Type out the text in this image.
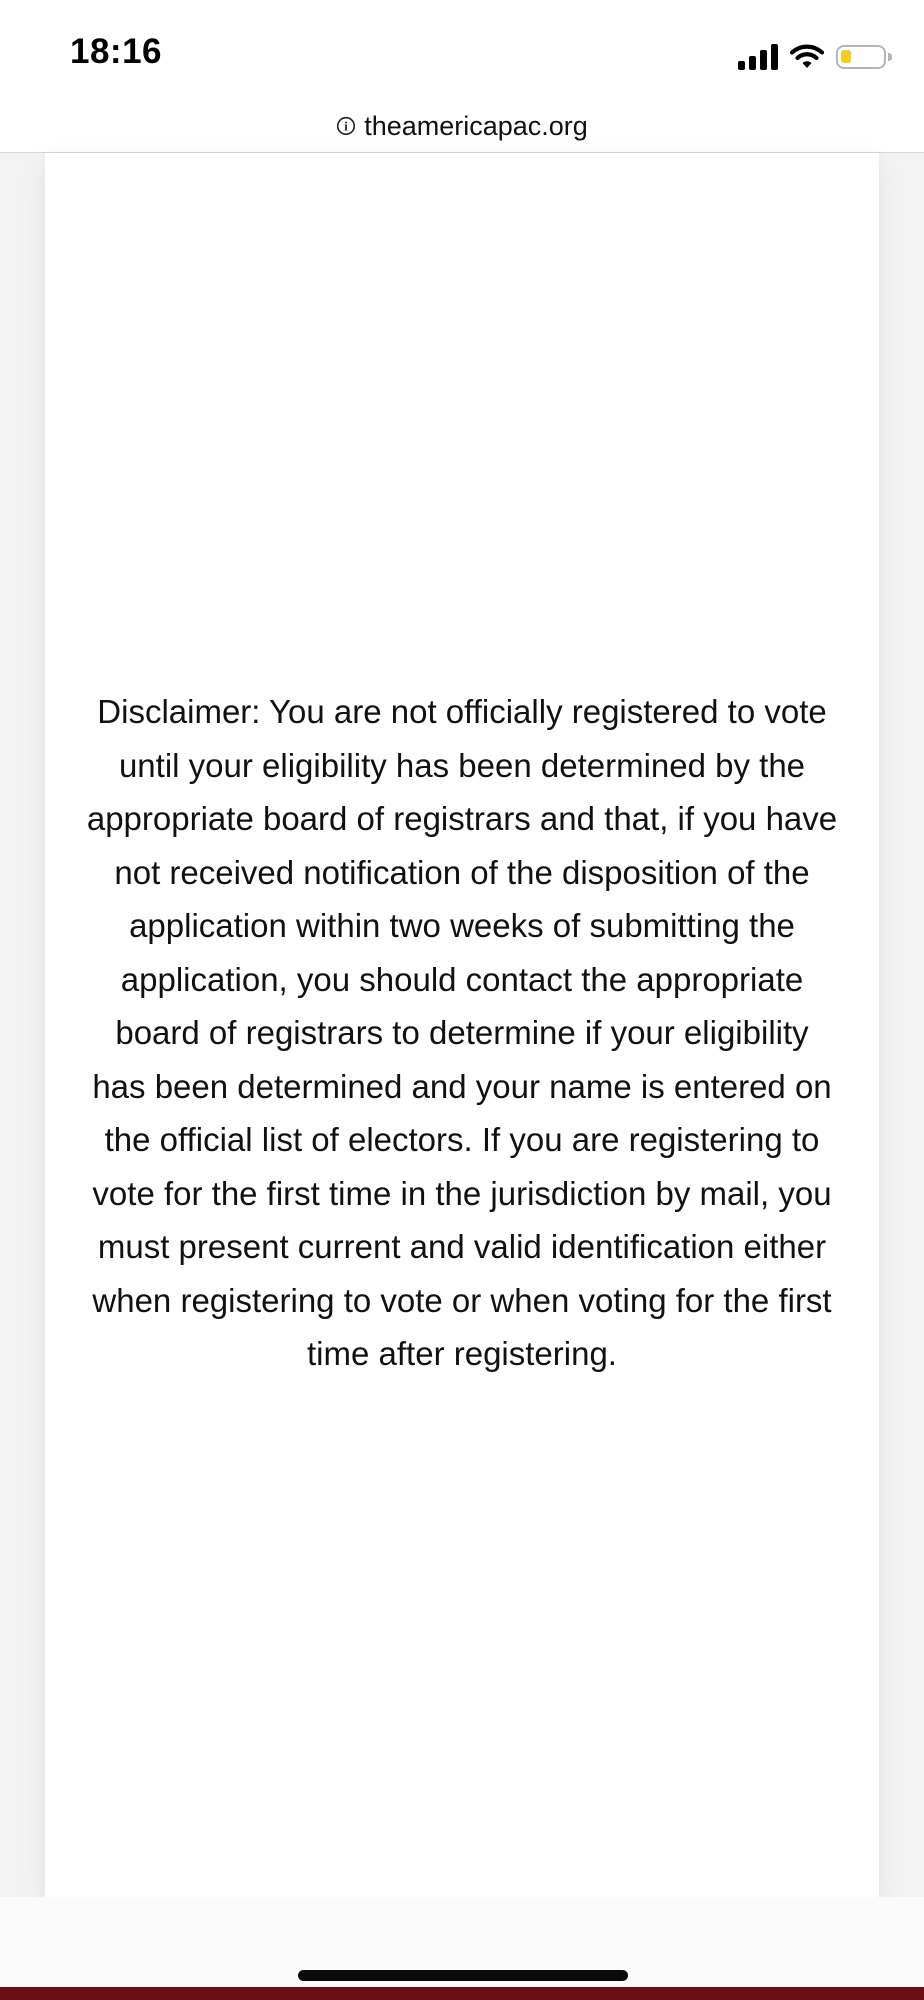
18:16
i theamericapac.org

Disclaimer: You are not officially registered to vote until your eligibility has been determined by the appropriate board of registrars and that, if you have not received notification of the disposition of the application within two weeks of submitting the application, you should contact the appropriate board of registrars to determine if your eligibility has been determined and your name is entered on the official list of electors. If you are registering to vote for the first time in the jurisdiction by mail, you must present current and valid identification either when registering to vote or when voting for the first time after registering.
